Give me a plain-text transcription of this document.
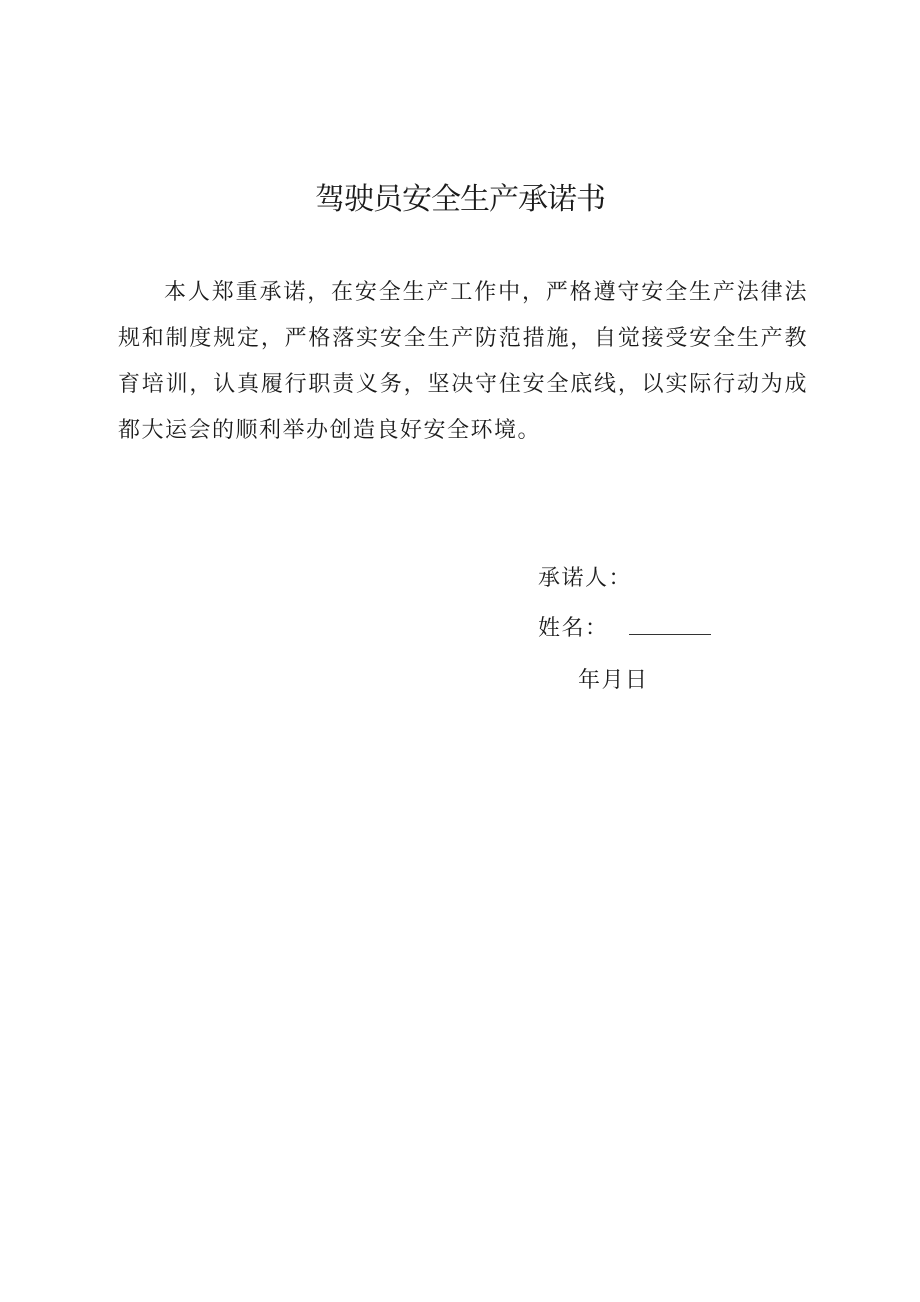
驾驶员安全生产承诺书

本人郑重承诺，在安全生产工作中，严格遵守安全生产法律法规和制度规定，严格落实安全生产防范措施，自觉接受安全生产教育培训，认真履行职责义务，坚决守住安全底线，以实际行动为成都大运会的顺利举办创造良好安全环境。

承诺人：
姓名：
年月日
